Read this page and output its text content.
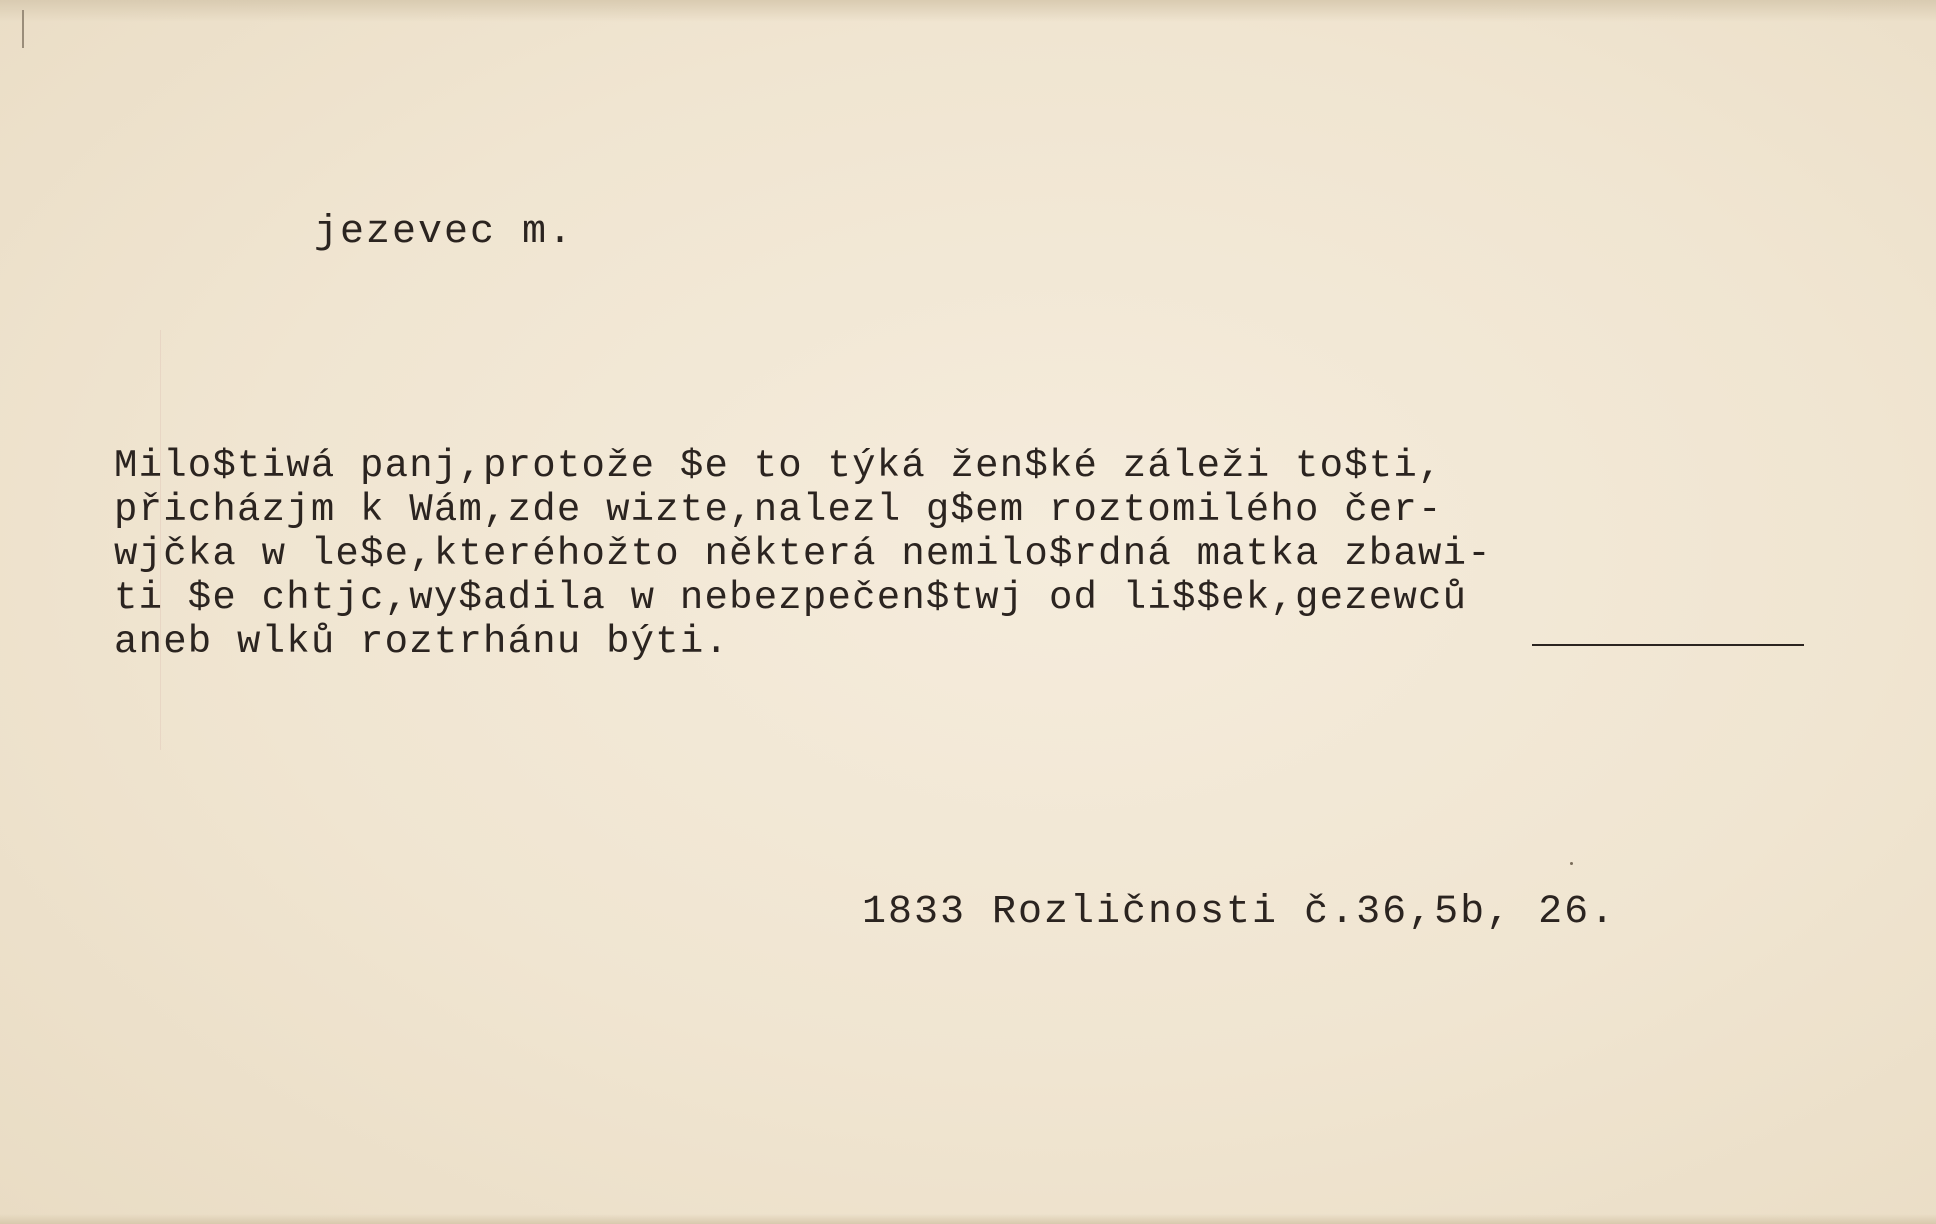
jezevec m.
Milo$tiwá panj,protože $e to týká žen$ké záleži to$ti,
přicházjm k Wám,zde wizte,nalezl g$em roztomilého čer-
wjčka w le$e,kteréhožto některá nemilo$rdná matka zbawi-
ti $e chtjc,wy$adila w nebezpečen$twj od li$$ek,gezewců
aneb wlků roztrhánu býti.
1833 Rozličnosti č.36,5b, 26.
